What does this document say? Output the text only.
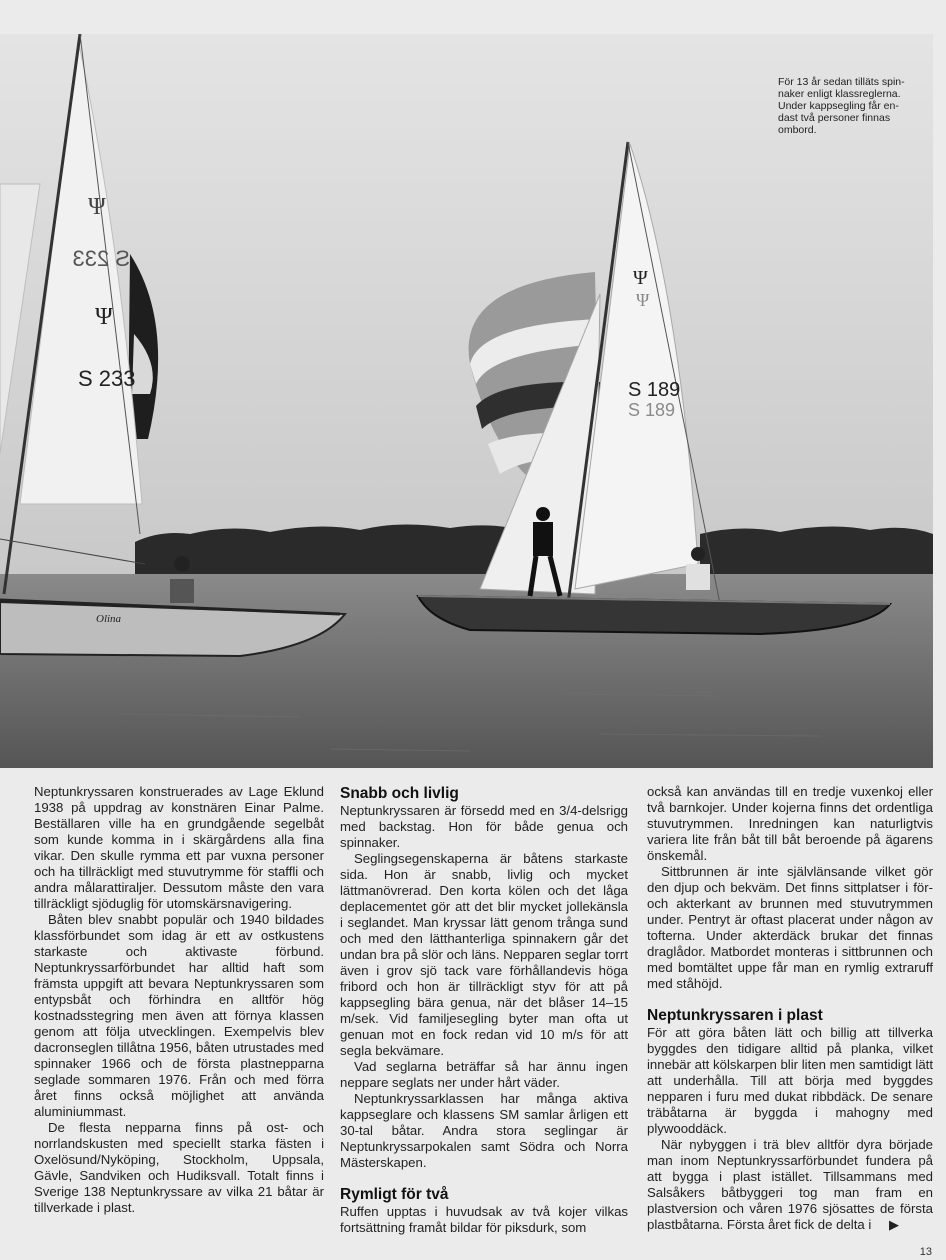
S 233
S 233
S 189
S 189
Ψ
Ψ
Ψ
Ψ
Olina
För 13 år sedan tilläts spin-
naker enligt klassreglerna.
Under kappsegling får en-
dast två personer finnas
ombord.

Neptunkryssaren konstruerades av Lage Eklund 1938 på uppdrag av konstnären Einar Palme. Beställaren ville ha en grundgående segelbåt som kunde komma in i skärgårdens alla fina vikar. Den skulle rymma ett par vuxna personer och ha tillräckligt med stuvutrymme för staffli och andra målarattiraljer. Dessutom måste den vara tillräckligt sjöduglig för utomskärsnavigering.

Båten blev snabbt populär och 1940 bildades klassförbundet som idag är ett av ostkustens starkaste och aktivaste förbund. Neptunkryssarförbundet har alltid haft som främsta uppgift att bevara Neptunkryssaren som entypsbåt och förhindra en alltför hög kostnadsstegring men även att förnya klassen genom att följa utvecklingen. Exempelvis blev dacronseglen tillåtna 1956, båten utrustades med spinnaker 1966 och de första plastnepparna seglade sommaren 1976. Från och med förra året finns också möjlighet att använda aluminiummast.

De flesta nepparna finns på ost- och norrlandskusten med speciellt starka fästen i Oxelösund/Nyköping, Stockholm, Uppsala, Gävle, Sandviken och Hudiksvall. Totalt finns i Sverige 138 Neptunkryssare av vilka 21 båtar är tillverkade i plast.

Snabb och livlig

Neptunkryssaren är försedd med en 3/4-delsrigg med backstag. Hon för både genua och spinnaker.

Seglingsegenskaperna är båtens starkaste sida. Hon är snabb, livlig och mycket lättmanövrerad. Den korta kölen och det låga deplacementet gör att det blir mycket jollekänsla i seglandet. Man kryssar lätt genom trånga sund och med den lätthanterliga spinnakern går det undan bra på slör och läns. Nepparen seglar torrt även i grov sjö tack vare förhållandevis höga fribord och hon är tillräckligt styv för att på kappsegling bära genua, när det blåser 14–15 m/sek. Vid familjesegling byter man ofta ut genuan mot en fock redan vid 10 m/s för att segla bekvämare.

Vad seglarna beträffar så har ännu ingen neppare seglats ner under hårt väder.

Neptunkryssarklassen har många aktiva kappseglare och klassens SM samlar årligen ett 30-tal båtar. Andra stora seglingar är Neptunkryssarpokalen samt Södra och Norra Mästerskapen.

Rymligt för två

Ruffen upptas i huvudsak av två kojer vilkas fortsättning framåt bildar för piksdurk, som

också kan användas till en tredje vuxenkoj eller två barnkojer. Under kojerna finns det ordentliga stuvutrymmen. Inredningen kan naturligtvis variera lite från båt till båt beroende på ägarens önskemål.

Sittbrunnen är inte självlänsande vilket gör den djup och bekväm. Det finns sittplatser i för- och akterkant av brunnen med stuvutrymmen under. Pentryt är oftast placerat under någon av tofterna. Under akterdäck brukar det finnas draglådor. Matbordet monteras i sittbrunnen och med bomtältet uppe får man en rymlig extraruff med ståhöjd.

Neptunkryssaren i plast

För att göra båten lätt och billig att tillverka byggdes den tidigare alltid på planka, vilket innebär att kölskarpen blir liten men samtidigt lätt att underhålla. Till att börja med byggdes nepparen i furu med dukat ribbdäck. De senare träbåtarna är byggda i mahogny med plywooddäck.

När nybyggen i trä blev alltför dyra började man inom Neptunkryssarförbundet fundera på att bygga i plast istället. Tillsammans med Salsåkers båtbyggeri tog man fram en plastversion och våren 1976 sjösattes de första plastbåtarna. Första året fick de delta i ▶

13
